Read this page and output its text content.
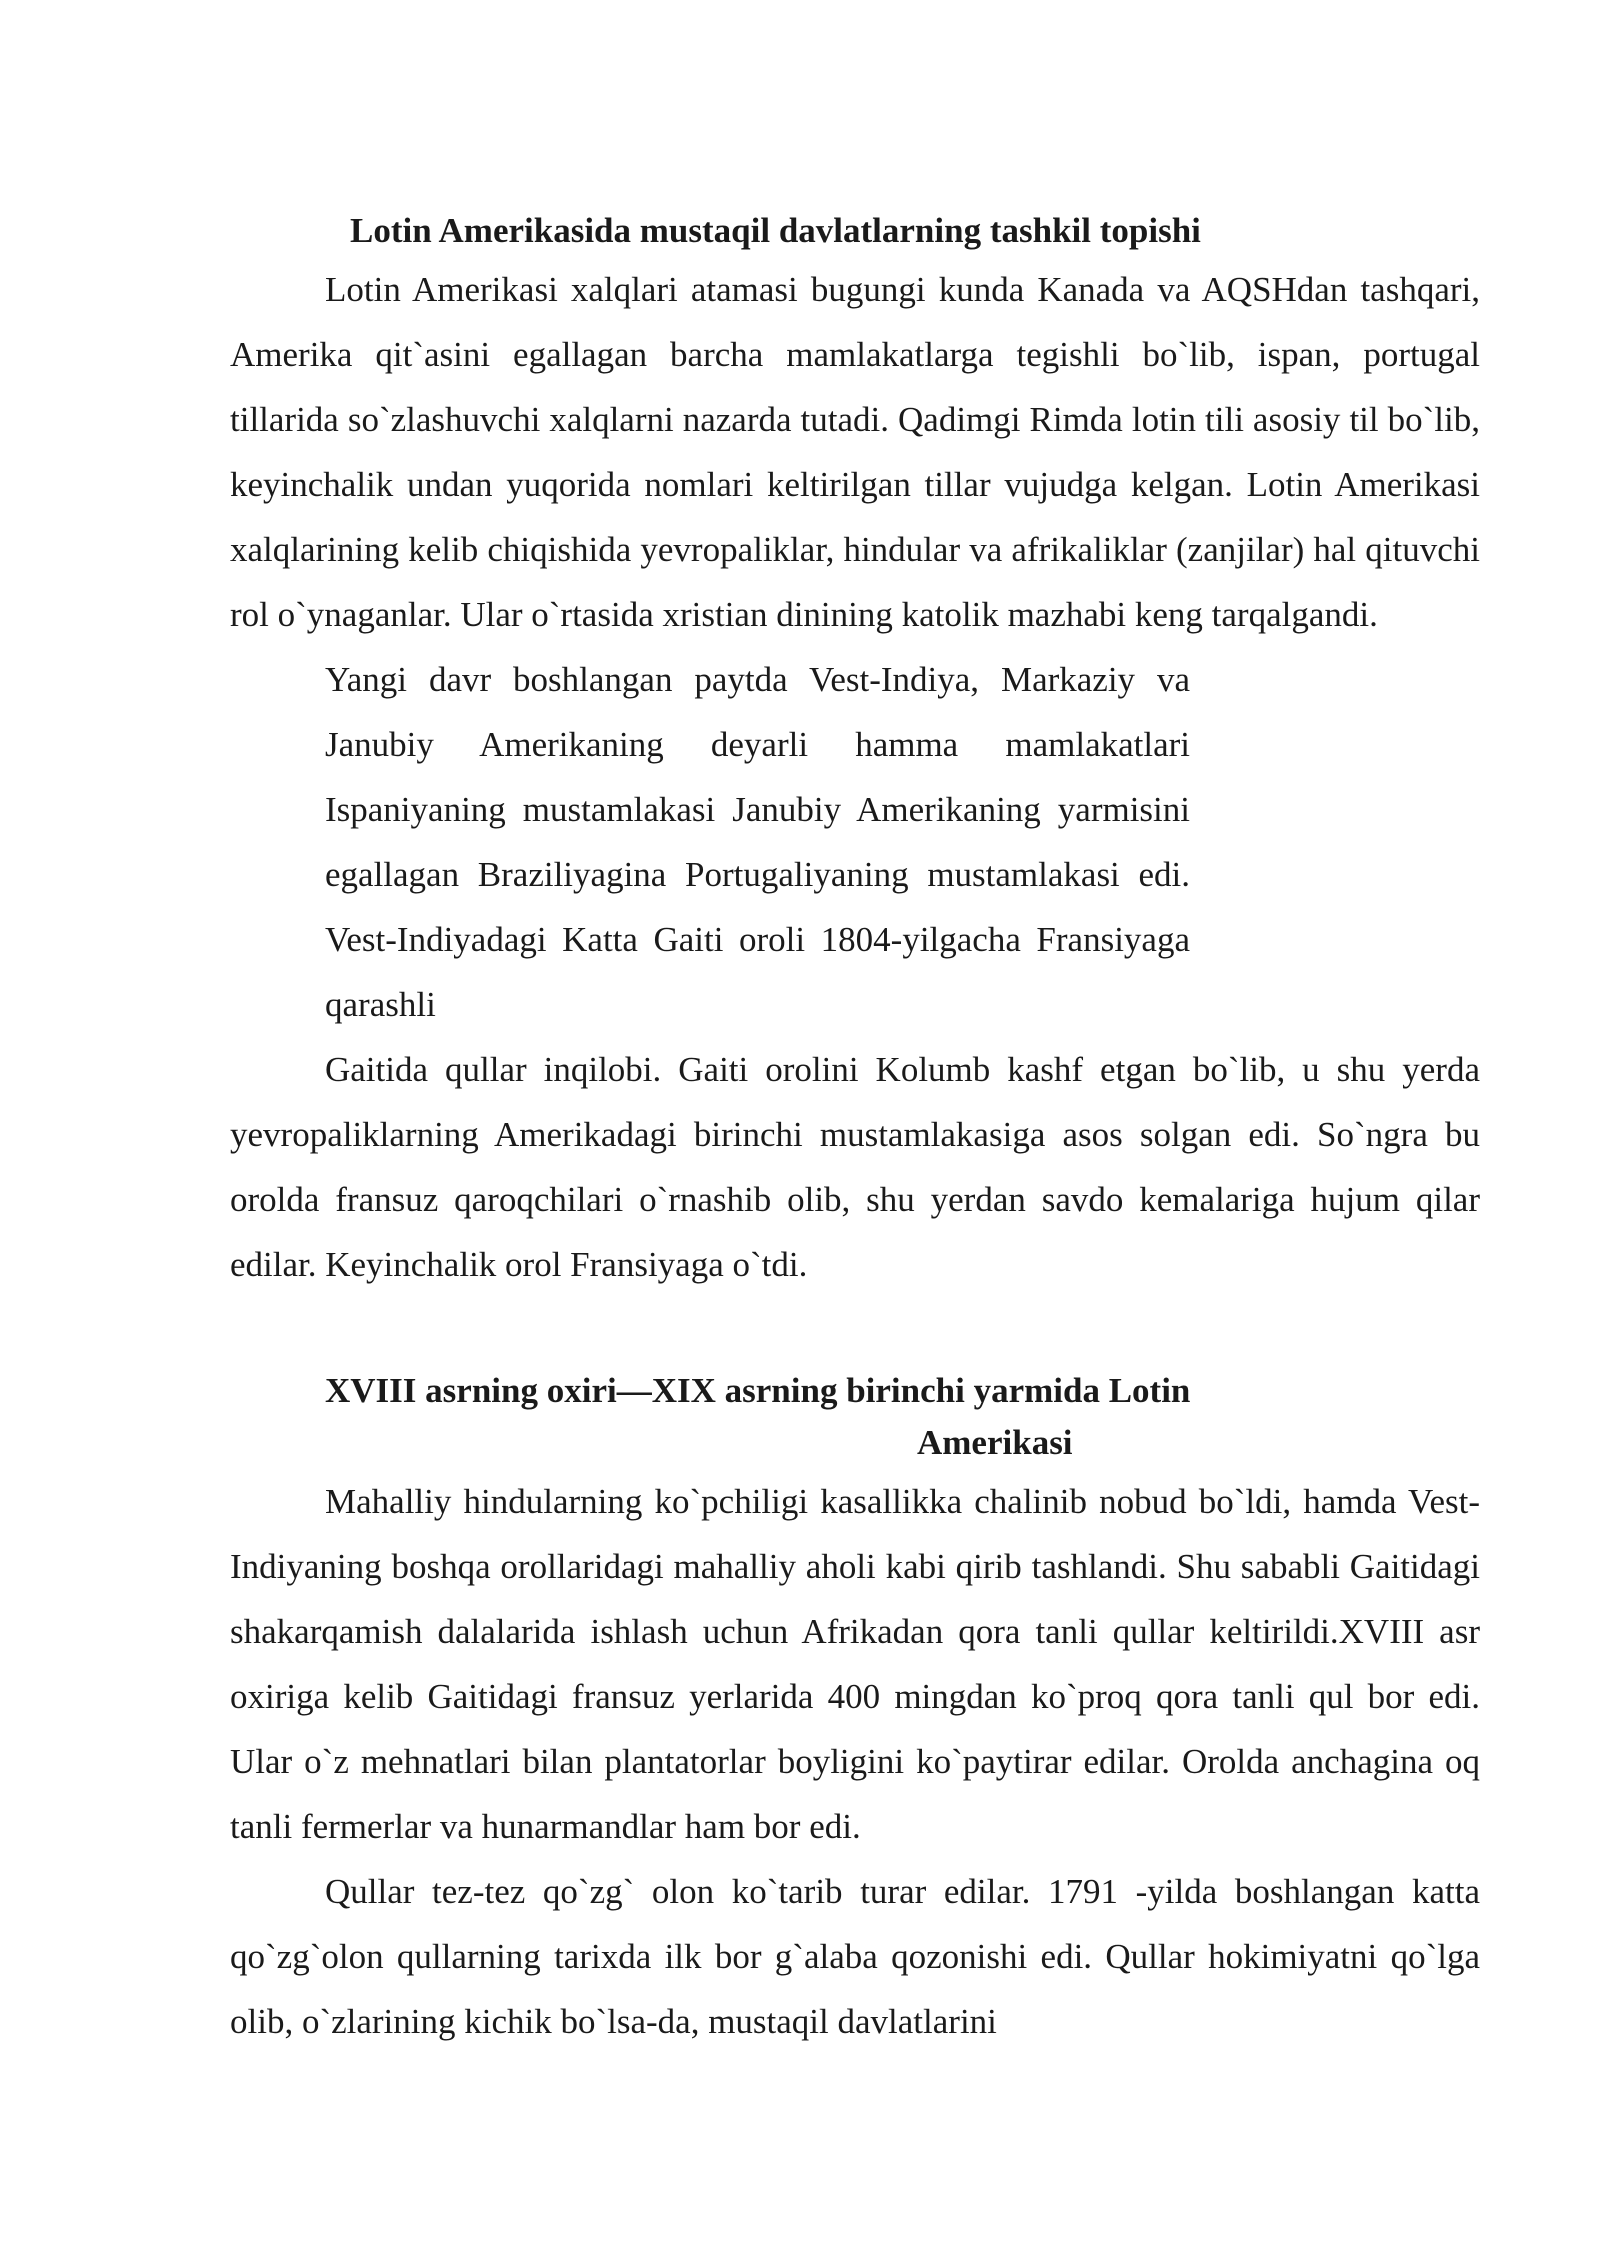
Lotin Amerikasida mustaqil davlatlarning tashkil topishi

Lotin Amerikasi xalqlari atamasi bugungi kunda Kanada va AQSHdan tashqari, Amerika qit`asini egallagan barcha mamlakatlarga tegishli bo`lib, ispan, portugal tillarida so`zlashuvchi xalqlarni nazarda tutadi. Qadimgi Rimda lotin tili asosiy til bo`lib, keyinchalik undan yuqorida nomlari keltirilgan tillar vujudga kelgan. Lotin Amerikasi xalqlarining kelib chiqishida yevropaliklar, hindular va afrikaliklar (zanjilar) hal qituvchi rol o`ynaganlar. Ular o`rtasida xristian dinining katolik mazhabi keng tarqalgandi.

Yangi davr boshlangan paytda Vest-Indiya, Markaziy va Janubiy Amerikaning deyarli hamma mamlakatlari Ispaniyaning mustamlakasi Janubiy Amerikaning yarmisini egallagan Braziliyagina Portugaliyaning mustamlakasi edi. Vest-Indiyadagi Katta Gaiti oroli 1804-yilgacha Fransiyaga qarashli

Gaitida qullar inqilobi. Gaiti orolini Kolumb kashf etgan bo`lib, u shu yerda yevropaliklarning Amerikadagi birinchi mustamlakasiga asos solgan edi. So`ngra bu orolda fransuz qaroqchilari o`rnashib olib, shu yerdan savdo kemalariga hujum qilar edilar. Keyinchalik orol Fransiyaga o`tdi.

XVIII asrning oxiri—XIX asrning birinchi yarmida Lotin
Amerikasi

Mahalliy hindularning ko`pchiligi kasallikka chalinib nobud bo`ldi, hamda Vest-Indiyaning boshqa orollaridagi mahalliy aholi kabi qirib tashlandi. Shu sababli Gaitidagi shakarqamish dalalarida ishlash uchun Afrikadan qora tanli qullar keltirildi.XVIII asr oxiriga kelib Gaitidagi fransuz yerlarida 400 mingdan ko`proq qora tanli qul bor edi. Ular o`z mehnatlari bilan plantatorlar boyligini ko`paytirar edilar. Orolda anchagina oq tanli fermerlar va hunarmandlar ham bor edi.

Qullar tez-tez qo`zg` olon ko`tarib turar edilar. 1791 -yilda boshlangan katta qo`zg`olon qullarning tarixda ilk bor g`alaba qozonishi edi. Qullar hokimiyatni qo`lga olib, o`zlarining kichik bo`lsa-da, mustaqil davlatlarini
